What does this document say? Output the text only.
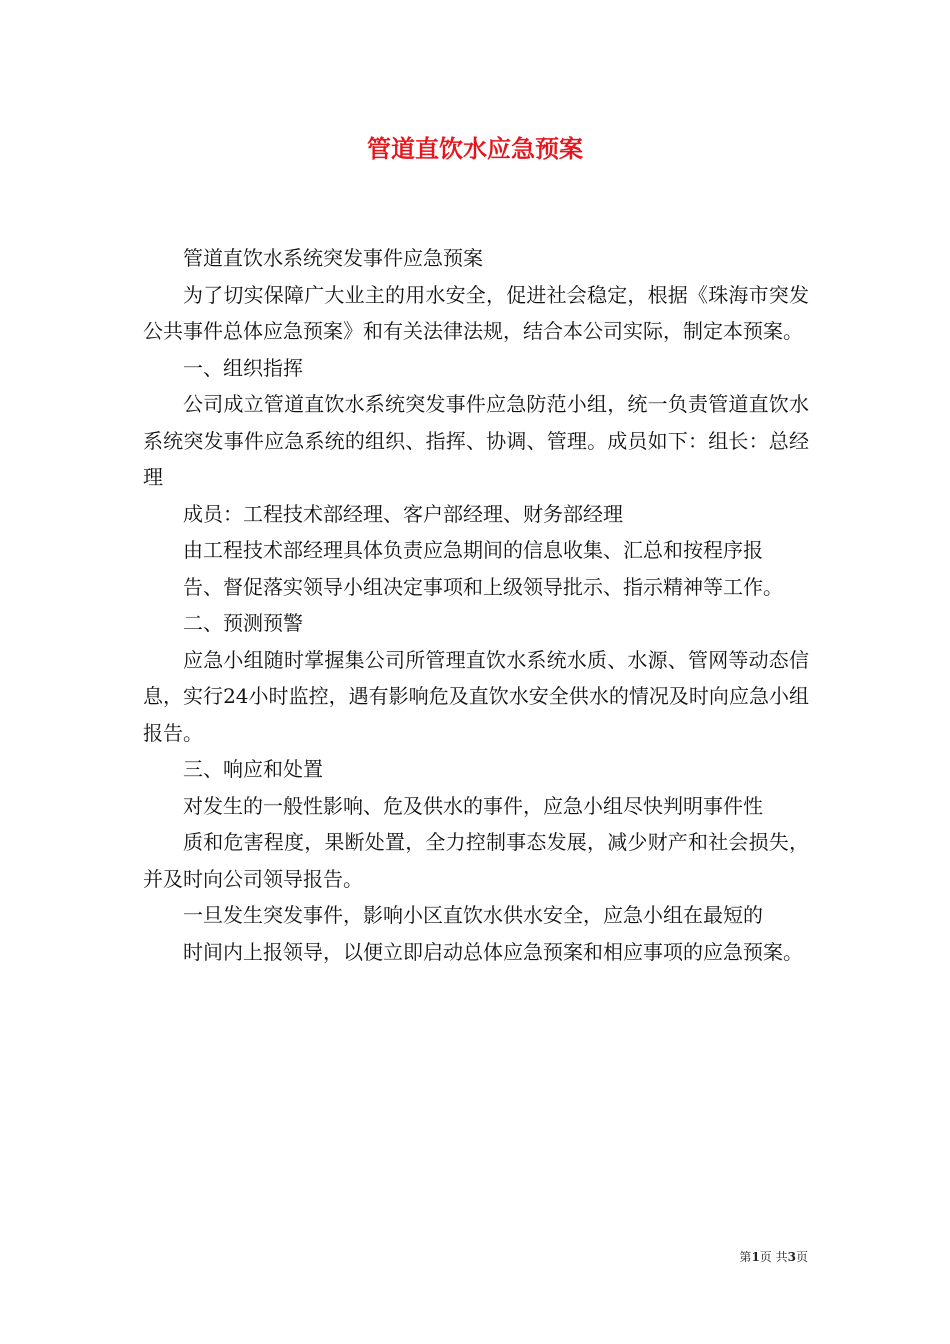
管道直饮水应急预案

管道直饮水系统突发事件应急预案

为了切实保障广大业主的用水安全，促进社会稳定，根据《珠海市突发公共事件总体应急预案》和有关法律法规，结合本公司实际，制定本预案。

一、组织指挥

公司成立管道直饮水系统突发事件应急防范小组，统一负责管道直饮水系统突发事件应急系统的组织、指挥、协调、管理。成员如下：组长：总经理

成员：工程技术部经理、客户部经理、财务部经理

由工程技术部经理具体负责应急期间的信息收集、汇总和按程序报

告、督促落实领导小组决定事项和上级领导批示、指示精神等工作。

二、预测预警

应急小组随时掌握集公司所管理直饮水系统水质、水源、管网等动态信息，实行24小时监控，遇有影响危及直饮水安全供水的情况及时向应急小组报告。

三、响应和处置

对发生的一般性影响、危及供水的事件，应急小组尽快判明事件性

质和危害程度，果断处置，全力控制事态发展，减少财产和社会损失，并及时向公司领导报告。

一旦发生突发事件，影响小区直饮水供水安全，应急小组在最短的

时间内上报领导，以便立即启动总体应急预案和相应事项的应急预案。

第1页 共3页
